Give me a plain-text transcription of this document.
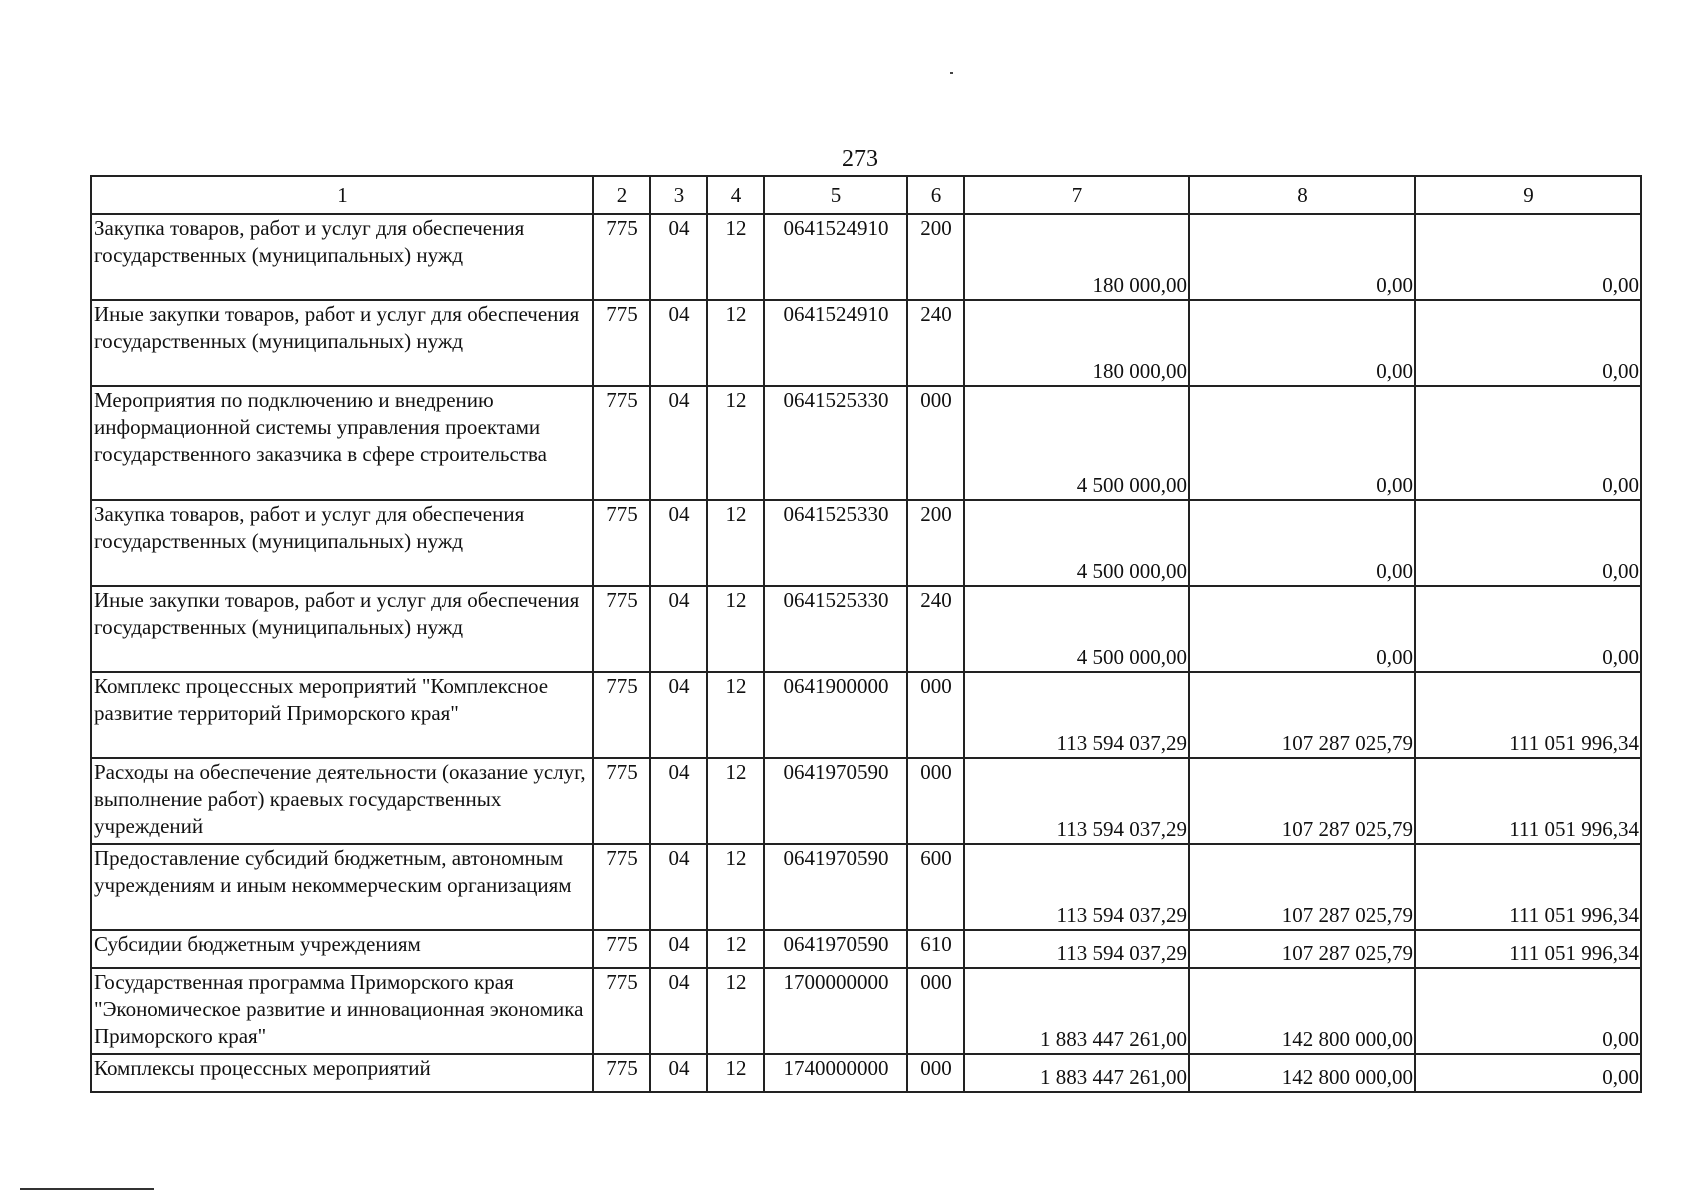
273
1	2	3	4	5	6	7	8	9
Закупка товаров, работ и услуг для обеспечения государственных (муниципальных) нужд	775	04	12	0641524910	200	180 000,00	0,00	0,00
Иные закупки товаров, работ и услуг для обеспечения государственных (муниципальных) нужд	775	04	12	0641524910	240	180 000,00	0,00	0,00
Мероприятия по подключению и внедрению информационной системы управления проектами государственного заказчика в сфере строительства	775	04	12	0641525330	000	4 500 000,00	0,00	0,00
Закупка товаров, работ и услуг для обеспечения государственных (муниципальных) нужд	775	04	12	0641525330	200	4 500 000,00	0,00	0,00
Иные закупки товаров, работ и услуг для обеспечения государственных (муниципальных) нужд	775	04	12	0641525330	240	4 500 000,00	0,00	0,00
Комплекс процессных мероприятий "Комплексное развитие территорий Приморского края"	775	04	12	0641900000	000	113 594 037,29	107 287 025,79	111 051 996,34
Расходы на обеспечение деятельности (оказание услуг, выполнение работ) краевых государственных учреждений	775	04	12	0641970590	000	113 594 037,29	107 287 025,79	111 051 996,34
Предоставление субсидий бюджетным, автономным учреждениям и иным некоммерческим организациям	775	04	12	0641970590	600	113 594 037,29	107 287 025,79	111 051 996,34
Субсидии бюджетным учреждениям	775	04	12	0641970590	610	113 594 037,29	107 287 025,79	111 051 996,34
Государственная программа Приморского края "Экономическое развитие и инновационная экономика Приморского края"	775	04	12	1700000000	000	1 883 447 261,00	142 800 000,00	0,00
Комплексы процессных мероприятий	775	04	12	1740000000	000	1 883 447 261,00	142 800 000,00	0,00
